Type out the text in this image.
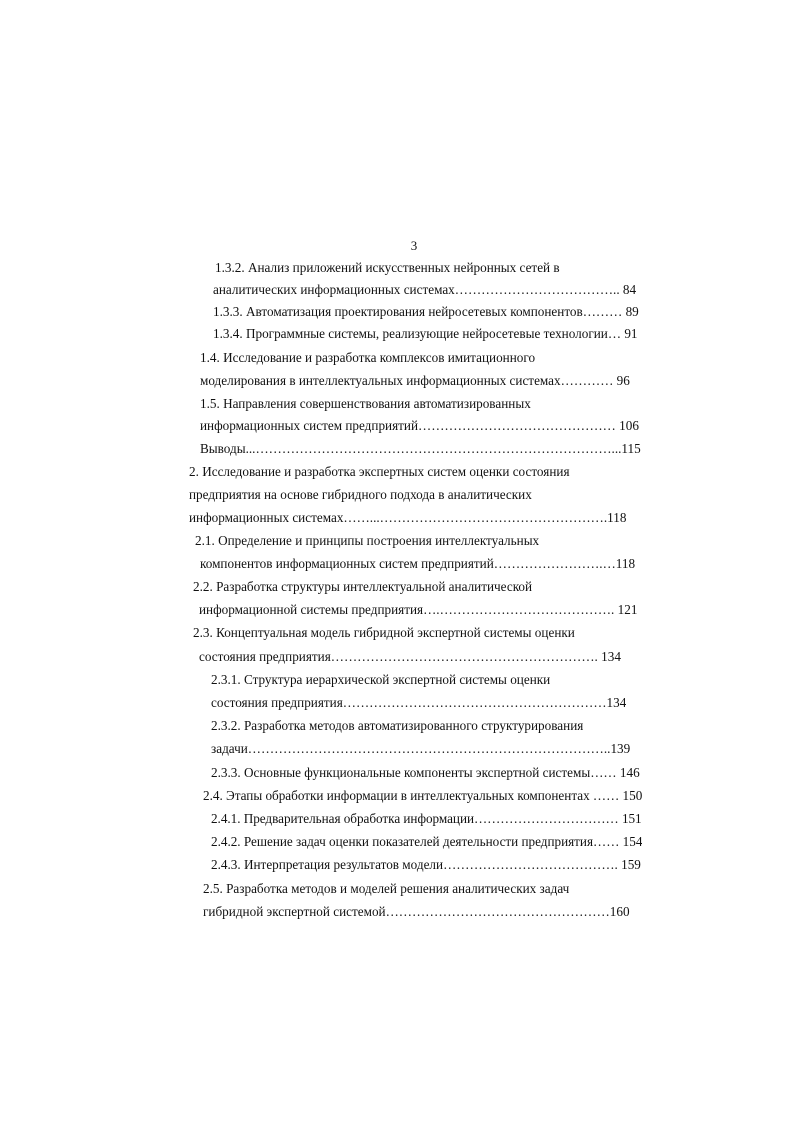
3
1.3.2. Анализ приложений искусственных нейронных сетей в
аналитических информационных системах……………………………….. 84
1.3.3. Автоматизация проектирования нейросетевых компонентов……… 89
1.3.4. Программные системы, реализующие нейросетевые технологии… 91
1.4. Исследование и разработка комплексов имитационного
моделирования в интеллектуальных информационных системах………… 96
1.5. Направления совершенствования автоматизированных
информационных систем предприятий……………………………………… 106
Выводы...………………………………………………………………………...115
2. Исследование и разработка экспертных систем оценки состояния
предприятия на основе гибридного подхода в аналитических
информационных системах……...…………………………………………….118
2.1. Определение и принципы построения интеллектуальных
компонентов информационных систем предприятий…………………….…118
2.2. Разработка структуры интеллектуальной аналитической
информационной системы предприятия….…………………………………. 121
2.3. Концептуальная модель гибридной экспертной системы оценки
состояния предприятия……………………………………………………. 134
2.3.1. Структура иерархической экспертной системы оценки
состояния предприятия……………………………………………………134
2.3.2. Разработка методов автоматизированного структурирования
задачи………………………………………………………………………..139
2.3.3. Основные функциональные компоненты экспертной системы…… 146
2.4. Этапы обработки информации в интеллектуальных компонентах …… 150
2.4.1. Предварительная обработка информации…………………………… 151
2.4.2. Решение задач оценки показателей деятельности предприятия…… 154
2.4.3. Интерпретация результатов модели…………………………………. 159
2.5. Разработка методов и моделей решения аналитических задач
гибридной экспертной системой……………………………………………160
